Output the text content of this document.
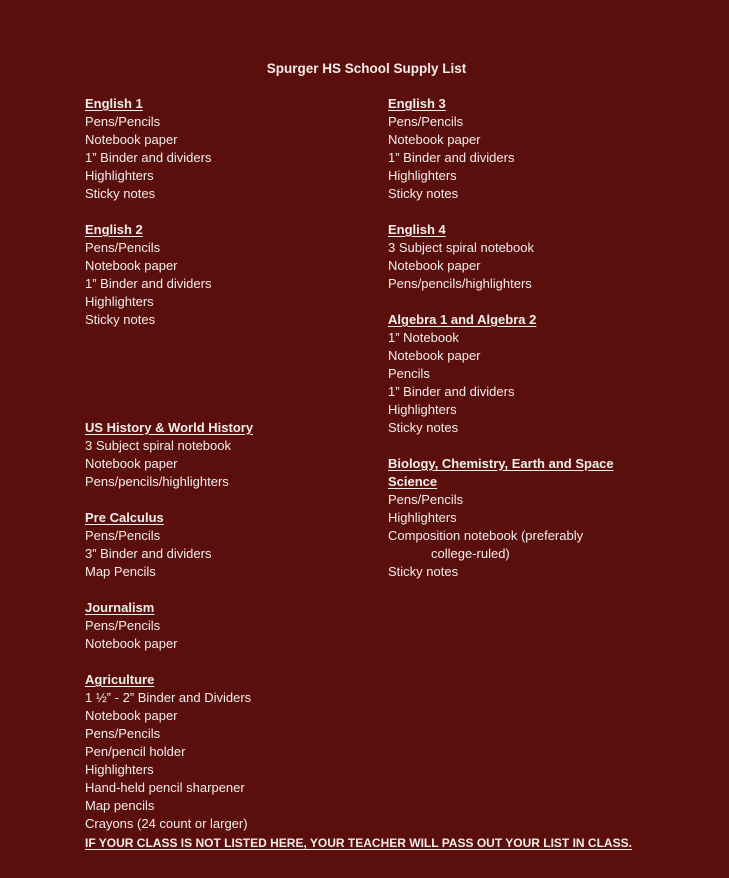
Spurger HS School Supply List
English 1
Pens/Pencils
Notebook paper
1” Binder and dividers
Highlighters
Sticky notes
English 2
Pens/Pencils
Notebook paper
1” Binder and dividers
Highlighters
Sticky notes
US History & World History
3 Subject spiral notebook
Notebook paper
Pens/pencils/highlighters
Pre Calculus
Pens/Pencils
3” Binder and dividers
Map Pencils
Journalism
Pens/Pencils
Notebook paper
Agriculture
1 ½” - 2” Binder and Dividers
Notebook paper
Pens/Pencils
Pen/pencil holder
Highlighters
Hand-held pencil sharpener
Map pencils
Crayons (24 count or larger)
English 3
Pens/Pencils
Notebook paper
1” Binder and dividers
Highlighters
Sticky notes
English 4
3 Subject spiral notebook
Notebook paper
Pens/pencils/highlighters
Algebra 1 and Algebra 2
1” Notebook
Notebook paper
Pencils
1” Binder and dividers
Highlighters
Sticky notes
Biology, Chemistry, Earth and Space
Science
Pens/Pencils
Highlighters
Composition notebook (preferably
college-ruled)
Sticky notes
IF YOUR CLASS IS NOT LISTED HERE, YOUR TEACHER WILL PASS OUT YOUR LIST IN CLASS.
